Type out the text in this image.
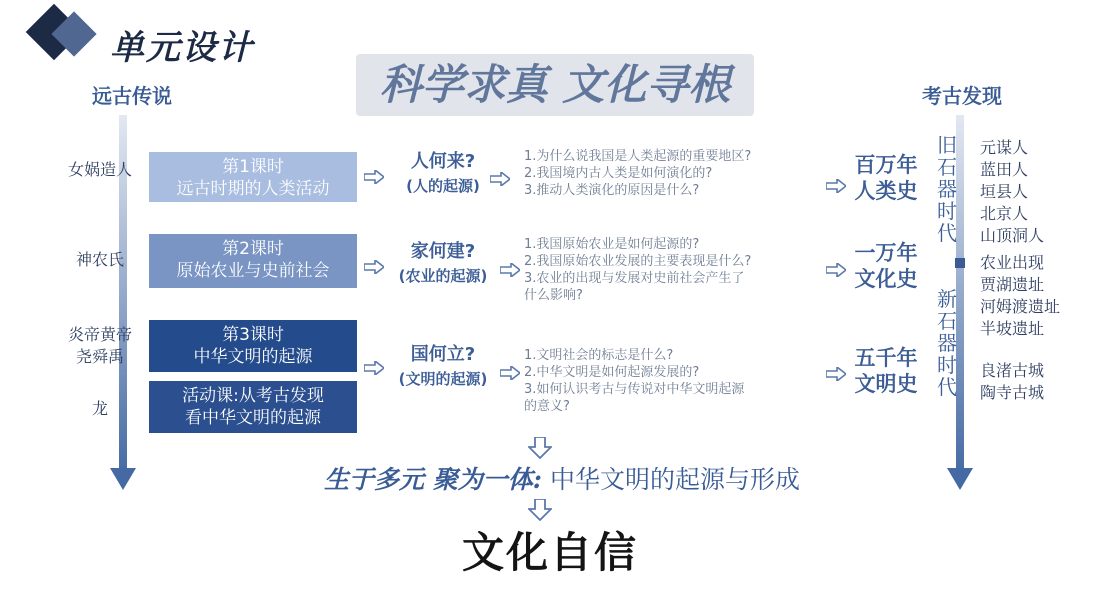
单元设计
科学求真 文化寻根
远古传说	考古发现
女娲造人
神农氏
炎帝黄帝
尧舜禹
龙
第1课时
远古时期的人类活动
第2课时
原始农业与史前社会
第3课时
中华文明的起源
活动课:从考古发现
看中华文明的起源
人何来?
(人的起源)
家何建?
(农业的起源)
国何立?
(文明的起源)
1.为什么说我国是人类起源的重要地区?
2.我国境内古人类是如何演化的?
3.推动人类演化的原因是什么?
1.我国原始农业是如何起源的?
2.我国原始农业发展的主要表现是什么?
3.农业的出现与发展对史前社会产生了
什么影响?
1.文明社会的标志是什么?
2.中华文明是如何起源发展的?
3.如何认识考古与传说对中华文明起源
的意义?
百万年
人类史
一万年
文化史
五千年
文明史
旧石器时代
新石器时代
元谋人
蓝田人
垣县人
北京人
山顶洞人
农业出现
贾湖遗址
河姆渡遗址
半坡遗址
良渚古城
陶寺古城
生于多元 聚为一体: 中华文明的起源与形成
文化自信
